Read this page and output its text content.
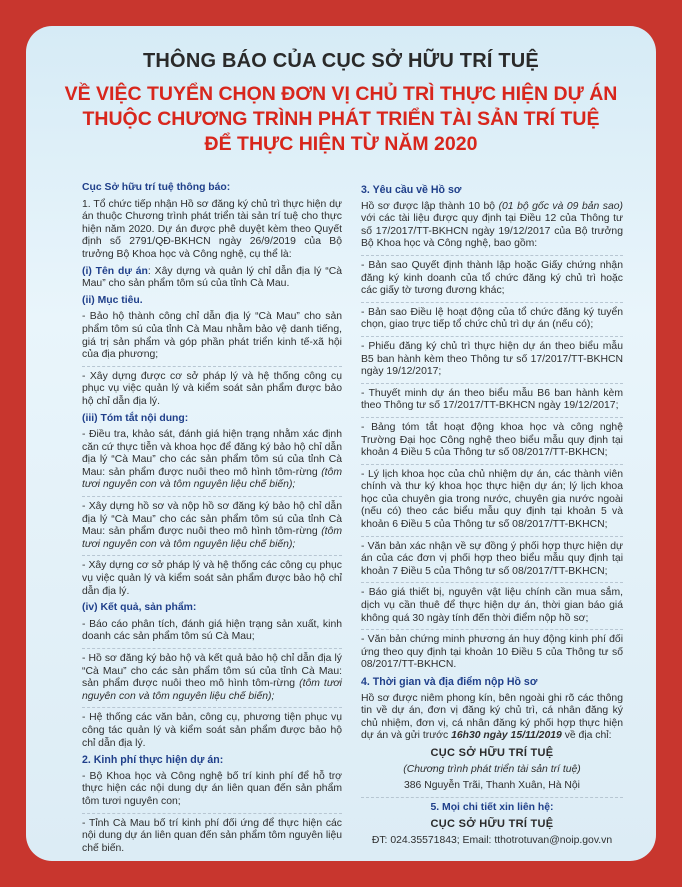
THÔNG BÁO CỦA CỤC SỞ HỮU TRÍ TUỆ
VỀ VIỆC TUYỂN CHỌN ĐƠN VỊ CHỦ TRÌ THỰC HIỆN DỰ ÁN
THUỘC CHƯƠNG TRÌNH PHÁT TRIỂN TÀI SẢN TRÍ TUỆ
ĐỂ THỰC HIỆN TỪ NĂM 2020

Cục Sở hữu trí tuệ thông báo:

1. Tổ chức tiếp nhận Hồ sơ đăng ký chủ trì thực hiện dự án thuộc Chương trình phát triển tài sản trí tuệ cho thực hiện năm 2020. Dự án được phê duyệt kèm theo Quyết định số 2791/QĐ-BKHCN ngày 26/9/2019 của Bộ trưởng Bộ Khoa học và Công nghệ, cụ thể là:

(i) Tên dự án: Xây dựng và quản lý chỉ dẫn địa lý “Cà Mau” cho sản phẩm tôm sú của tỉnh Cà Mau.

(ii) Mục tiêu.

- Bảo hộ thành công chỉ dẫn địa lý “Cà Mau” cho sản phẩm tôm sú của tỉnh Cà Mau nhằm bảo vệ danh tiếng, giá trị sản phẩm và góp phần phát triển kinh tế-xã hội của địa phương;

- Xây dựng được cơ sở pháp lý và hệ thống công cụ phục vụ việc quản lý và kiểm soát sản phẩm được bảo hộ chỉ dẫn địa lý.

(iii) Tóm tắt nội dung:

- Điều tra, khảo sát, đánh giá hiện trạng nhằm xác định căn cứ thực tiễn và khoa học để đăng ký bảo hộ chỉ dẫn địa lý “Cà Mau” cho các sản phẩm tôm sú của tỉnh Cà Mau: sản phẩm được nuôi theo mô hình tôm-rừng (tôm tươi nguyên con và tôm nguyên liệu chế biến);

- Xây dựng hồ sơ và nộp hồ sơ đăng ký bảo hộ chỉ dẫn địa lý “Cà Mau” cho các sản phẩm tôm sú của tỉnh Cà Mau: sản phẩm được nuôi theo mô hình tôm-rừng (tôm tươi nguyên con và tôm nguyên liệu chế biến);

- Xây dựng cơ sở pháp lý và hệ thống các công cụ phục vụ việc quản lý và kiểm soát sản phẩm được bảo hộ chỉ dẫn địa lý.

(iv) Kết quả, sản phẩm:

- Báo cáo phân tích, đánh giá hiện trạng sản xuất, kinh doanh các sản phẩm tôm sú Cà Mau;

- Hồ sơ đăng ký bảo hộ và kết quả bảo hộ chỉ dẫn địa lý “Cà Mau” cho các sản phẩm tôm sú của tỉnh Cà Mau: sản phẩm được nuôi theo mô hình tôm-rừng (tôm tươi nguyên con và tôm nguyên liệu chế biến);

- Hệ thống các văn bản, công cụ, phương tiện phục vụ công tác quản lý và kiểm soát sản phẩm được bảo hộ chỉ dẫn địa lý.

2. Kinh phí thực hiện dự án:

- Bộ Khoa học và Công nghệ bố trí kinh phí để hỗ trợ thực hiện các nội dung dự án liên quan đến sản phẩm tôm tươi nguyên con;

- Tỉnh Cà Mau bố trí kinh phí đối ứng để thực hiện các nội dung dự án liên quan đến sản phẩm tôm nguyên liệu chế biến.

3. Yêu cầu về Hồ sơ

Hồ sơ được lập thành 10 bộ (01 bộ gốc và 09 bản sao) với các tài liệu được quy định tại Điều 12 của Thông tư số 17/2017/TT-BKHCN ngày 19/12/2017 của Bộ trưởng Bộ Khoa học và Công nghệ, bao gồm:

- Bản sao Quyết định thành lập hoặc Giấy chứng nhận đăng ký kinh doanh của tổ chức đăng ký chủ trì hoặc các giấy tờ tương đương khác;

- Bản sao Điều lệ hoạt động của tổ chức đăng ký tuyển chọn, giao trực tiếp tổ chức chủ trì dự án (nếu có);

- Phiếu đăng ký chủ trì thực hiện dự án theo biểu mẫu B5 ban hành kèm theo Thông tư số 17/2017/TT-BKHCN ngày 19/12/2017;

- Thuyết minh dự án theo biểu mẫu B6 ban hành kèm theo Thông tư số 17/2017/TT-BKHCN ngày 19/12/2017;

- Bảng tóm tắt hoạt động khoa học và công nghệ Trường Đại học Công nghệ theo biểu mẫu quy định tại khoản 4 Điều 5 của Thông tư số 08/2017/TT-BKHCN;

- Lý lịch khoa học của chủ nhiệm dự án, các thành viên chính và thư ký khoa học thực hiện dự án; lý lịch khoa học của chuyên gia trong nước, chuyên gia nước ngoài (nếu có) theo các biểu mẫu quy định tại khoản 5 và khoản 6 Điều 5 của Thông tư số 08/2017/TT-BKHCN;

- Văn bản xác nhận về sự đồng ý phối hợp thực hiện dự án của các đơn vị phối hợp theo biểu mẫu quy định tại khoản 7 Điều 5 của Thông tư số 08/2017/TT-BKHCN;

- Báo giá thiết bị, nguyên vật liệu chính cần mua sắm, dịch vụ cần thuê để thực hiện dự án, thời gian báo giá không quá 30 ngày tính đến thời điểm nộp hồ sơ;

- Văn bản chứng minh phương án huy động kinh phí đối ứng theo quy định tại khoản 10 Điều 5 của Thông tư số 08/2017/TT-BKHCN.

4. Thời gian và địa điểm nộp Hồ sơ

Hồ sơ được niêm phong kín, bên ngoài ghi rõ các thông tin về dự án, đơn vị đăng ký chủ trì, cá nhân đăng ký chủ nhiệm, đơn vị, cá nhân đăng ký phối hợp thực hiện dự án và gửi trước 16h30 ngày 15/11/2019 về địa chỉ:

CỤC SỞ HỮU TRÍ TUỆ

(Chương trình phát triển tài sản trí tuệ)

386 Nguyễn Trãi, Thanh Xuân, Hà Nội

5. Mọi chi tiết xin liên hệ:

CỤC SỞ HỮU TRÍ TUỆ

ĐT: 024.35571843; Email: tthotrotuvan@noip.gov.vn
